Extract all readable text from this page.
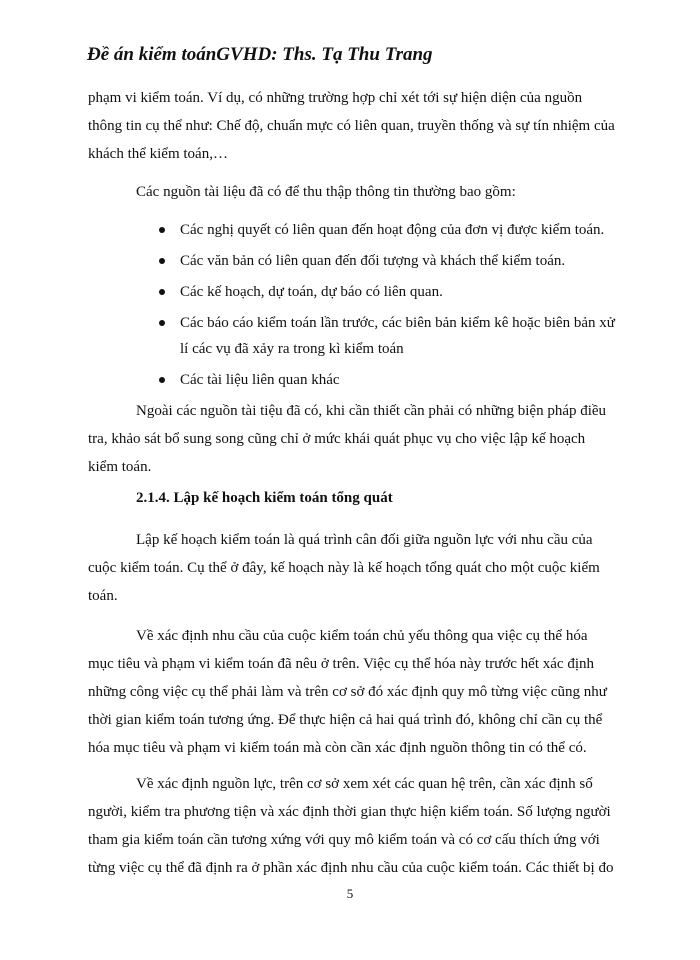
Đề án kiểm toánGVHD: Ths. Tạ Thu Trang
phạm vi kiểm toán. Ví dụ, có những trường hợp chỉ xét tới sự hiện diện của nguồn thông tin cụ thể như: Chế độ, chuẩn mực có liên quan, truyền thống và sự tín nhiệm của khách thể kiểm toán,…
Các nguồn tài liệu đã có để thu thập thông tin thường bao gồm:
Các nghị quyết có liên quan đến hoạt động của đơn vị được kiểm toán.
Các văn bản có liên quan đến đối tượng và khách thể kiểm toán.
Các kế hoạch, dự toán, dự báo có liên quan.
Các báo cáo kiểm toán lần trước, các biên bản kiểm kê hoặc biên bản xử lí các vụ đã xảy ra trong kì kiểm toán
Các tài liệu liên quan khác
Ngoài các nguồn tài tiệu đã có, khi cần thiết cần phải có những biện pháp điều tra, khảo sát bổ sung song cũng chỉ ở mức khái quát phục vụ cho việc lập kế hoạch kiểm toán.
2.1.4. Lập kế hoạch kiểm toán tổng quát
Lập kế hoạch kiểm toán là quá trình cân đối giữa nguồn lực với nhu cầu của cuộc kiểm toán. Cụ thể ở đây, kế hoạch này là kế hoạch tổng quát cho một cuộc kiểm toán.
Về xác định nhu cầu của cuộc kiểm toán chủ yếu thông qua việc cụ thể hóa mục tiêu và phạm vi kiểm toán đã nêu ở trên. Việc cụ thể hóa này trước hết xác định những công việc cụ thể phải làm và trên cơ sở đó xác định quy mô từng việc cũng như thời gian kiểm toán tương ứng. Để thực hiện cả hai quá trình đó, không chỉ cần cụ thể hóa mục tiêu và phạm vi kiểm toán mà còn cần xác định nguồn thông tin có thể có.
Về xác định nguồn lực, trên cơ sở xem xét các quan hệ trên, cần xác định số người, kiểm tra phương tiện và xác định thời gian thực hiện kiểm toán. Số lượng người tham gia kiểm toán cần tương xứng với quy mô kiểm toán và có cơ cấu thích ứng với từng việc cụ thể đã định ra ở phần xác định nhu cầu của cuộc kiểm toán. Các thiết bị đo
5
